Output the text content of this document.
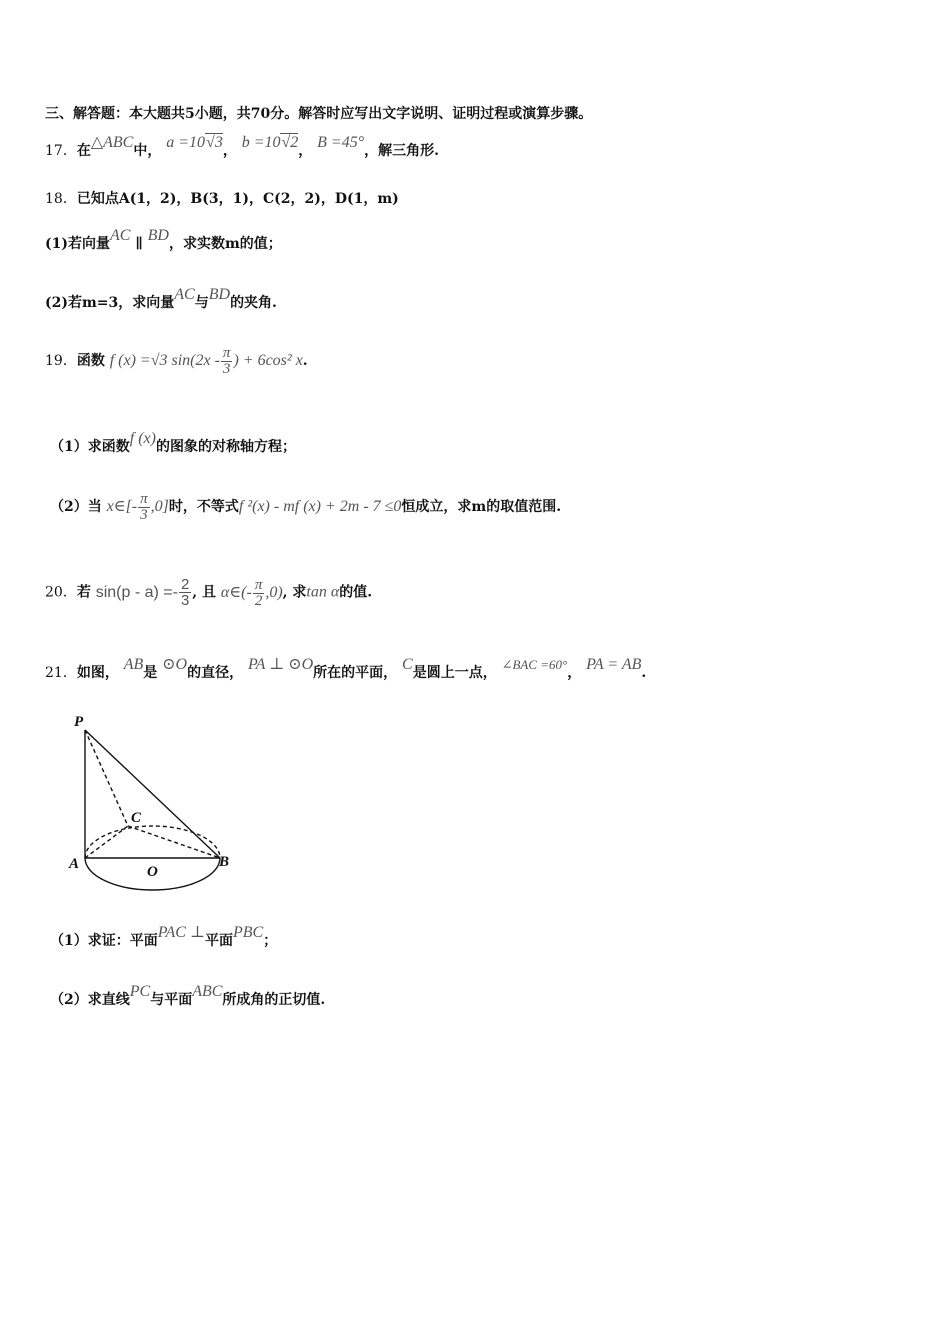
三、解答题：本大题共5小题，共70分。解答时应写出文字说明、证明过程或演算步骤。
17．在△ABC中， a =10√3， b =10√2， B =45°，解三角形.
18．已知点A(1，2)，B(3，1)，C(2，2)，D(1，m)
(1)若向量AC ∥ BD，求实数m的值；
(2)若m=3，求向量AC与BD的夹角.
19．函数 f (x) =√3 $\sin(2x - \frac{\pi}{3}$ ) + 6cos² x.
（1）求函数f (x)的图象的对称轴方程；
（2）当 x∈[- $\frac{\pi}{3} ,0$]时，不等式f ²(x) - mf (x) + 2m - 7 ≤0恒成立，求m的取值范围.
20．若 $\sin(p - a) =- \frac{2}{3}$ , 且 α∈(- $\frac{\pi}{2} ,0$), 求tan α的值.
21．如图， AB是 ⊙O的直径， PA ⊥ ⊙O所在的平面， C是圆上一点， ∠BAC =60°， PA = AB.
P
C
A	O
B
（1）求证：平面PAC ⊥平面PBC；
（2）求直线PC与平面ABC所成角的正切值.
